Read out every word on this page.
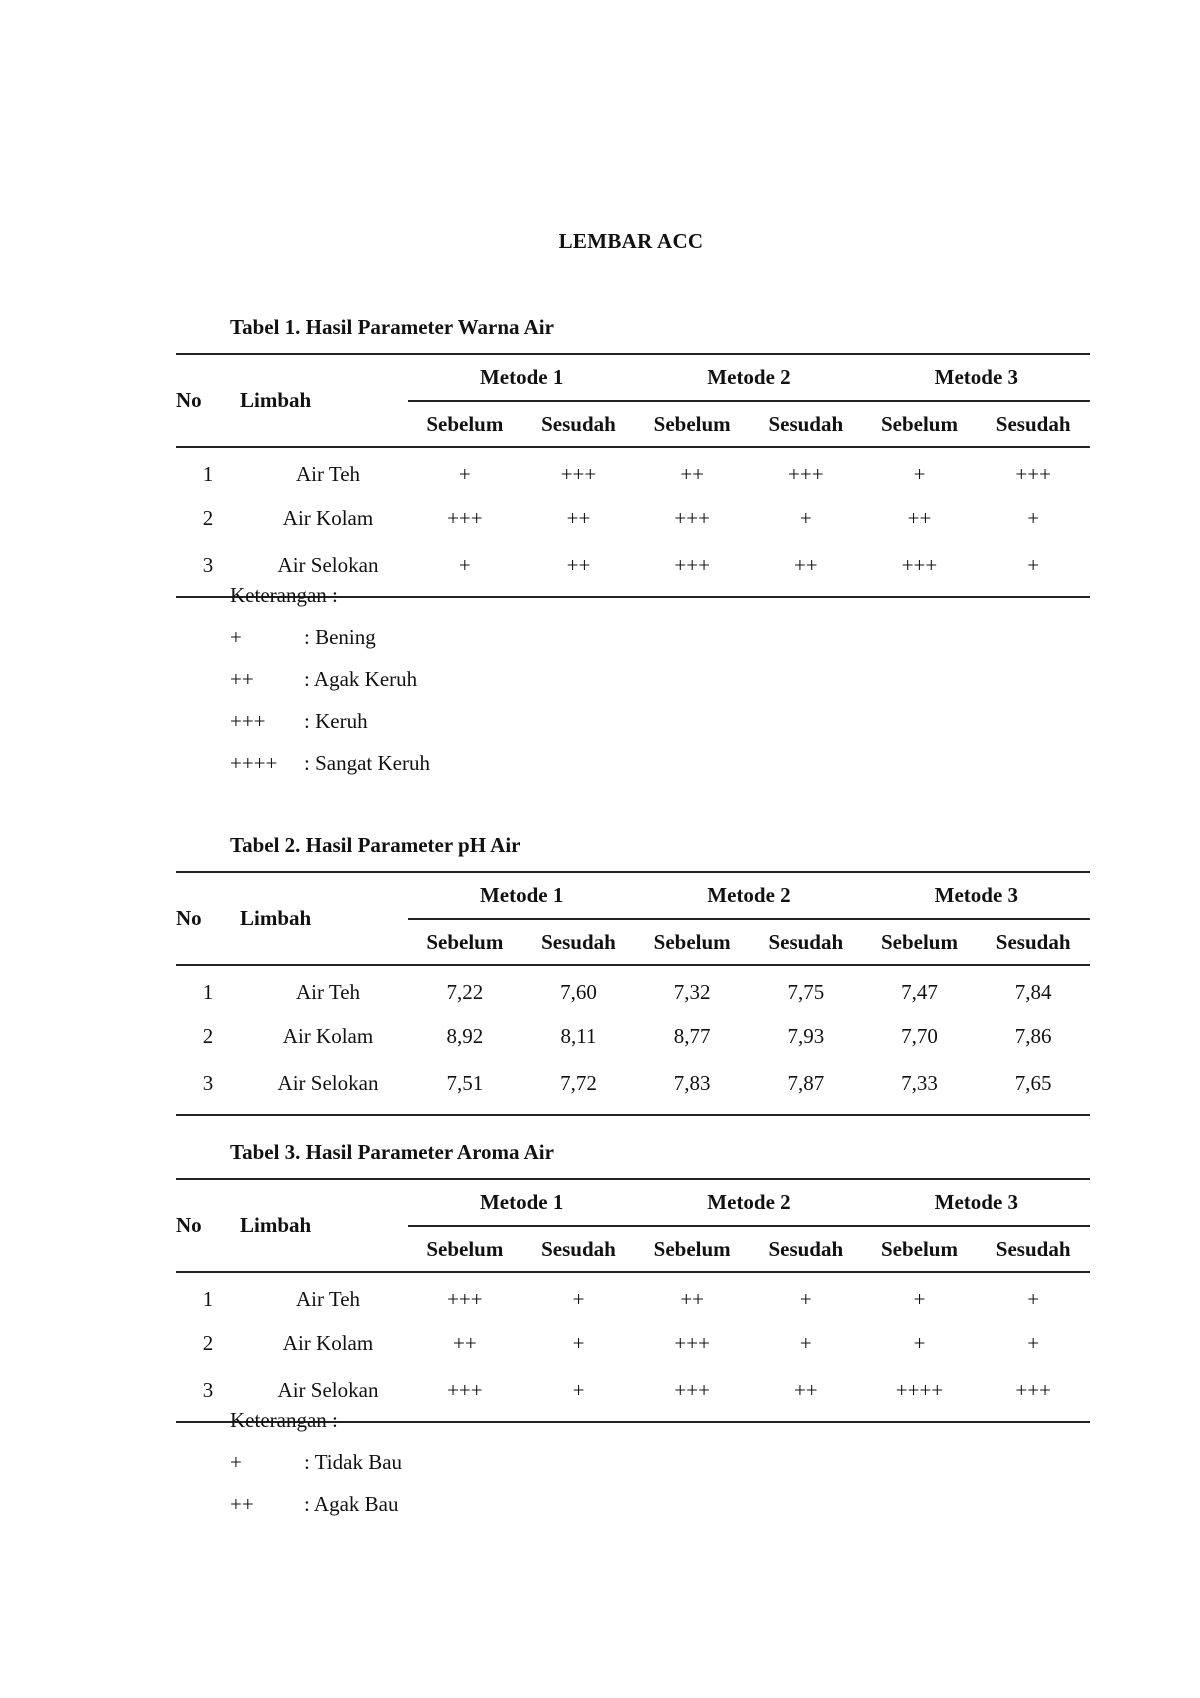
LEMBAR ACC
Tabel 1. Hasil Parameter Warna Air
No	Limbah	Metode 1		Metode 2		Metode 3	
		Sebelum	Sesudah	Sebelum	Sesudah	Sebelum	Sesudah
1	Air Teh	+	+++	++	+++	+	+++
2	Air Kolam	+++	++	+++	+	++	+
3	Air Selokan	+	++	+++	++	+++	+
Keterangan :
+	: Bening
++	: Agak Keruh
+++	: Keruh
++++	: Sangat Keruh
Tabel 2. Hasil Parameter pH Air
No	Limbah	Metode 1		Metode 2		Metode 3	
		Sebelum	Sesudah	Sebelum	Sesudah	Sebelum	Sesudah
1	Air Teh	7,22	7,60	7,32	7,75	7,47	7,84
2	Air Kolam	8,92	8,11	8,77	7,93	7,70	7,86
3	Air Selokan	7,51	7,72	7,83	7,87	7,33	7,65
Tabel 3. Hasil Parameter Aroma Air
No	Limbah	Metode 1		Metode 2		Metode 3	
		Sebelum	Sesudah	Sebelum	Sesudah	Sebelum	Sesudah
1	Air Teh	+++	+	++	+	+	+
2	Air Kolam	++	+	+++	+	+	+
3	Air Selokan	+++	+	+++	++	++++	+++
Keterangan :
+	: Tidak Bau
++	: Agak Bau
